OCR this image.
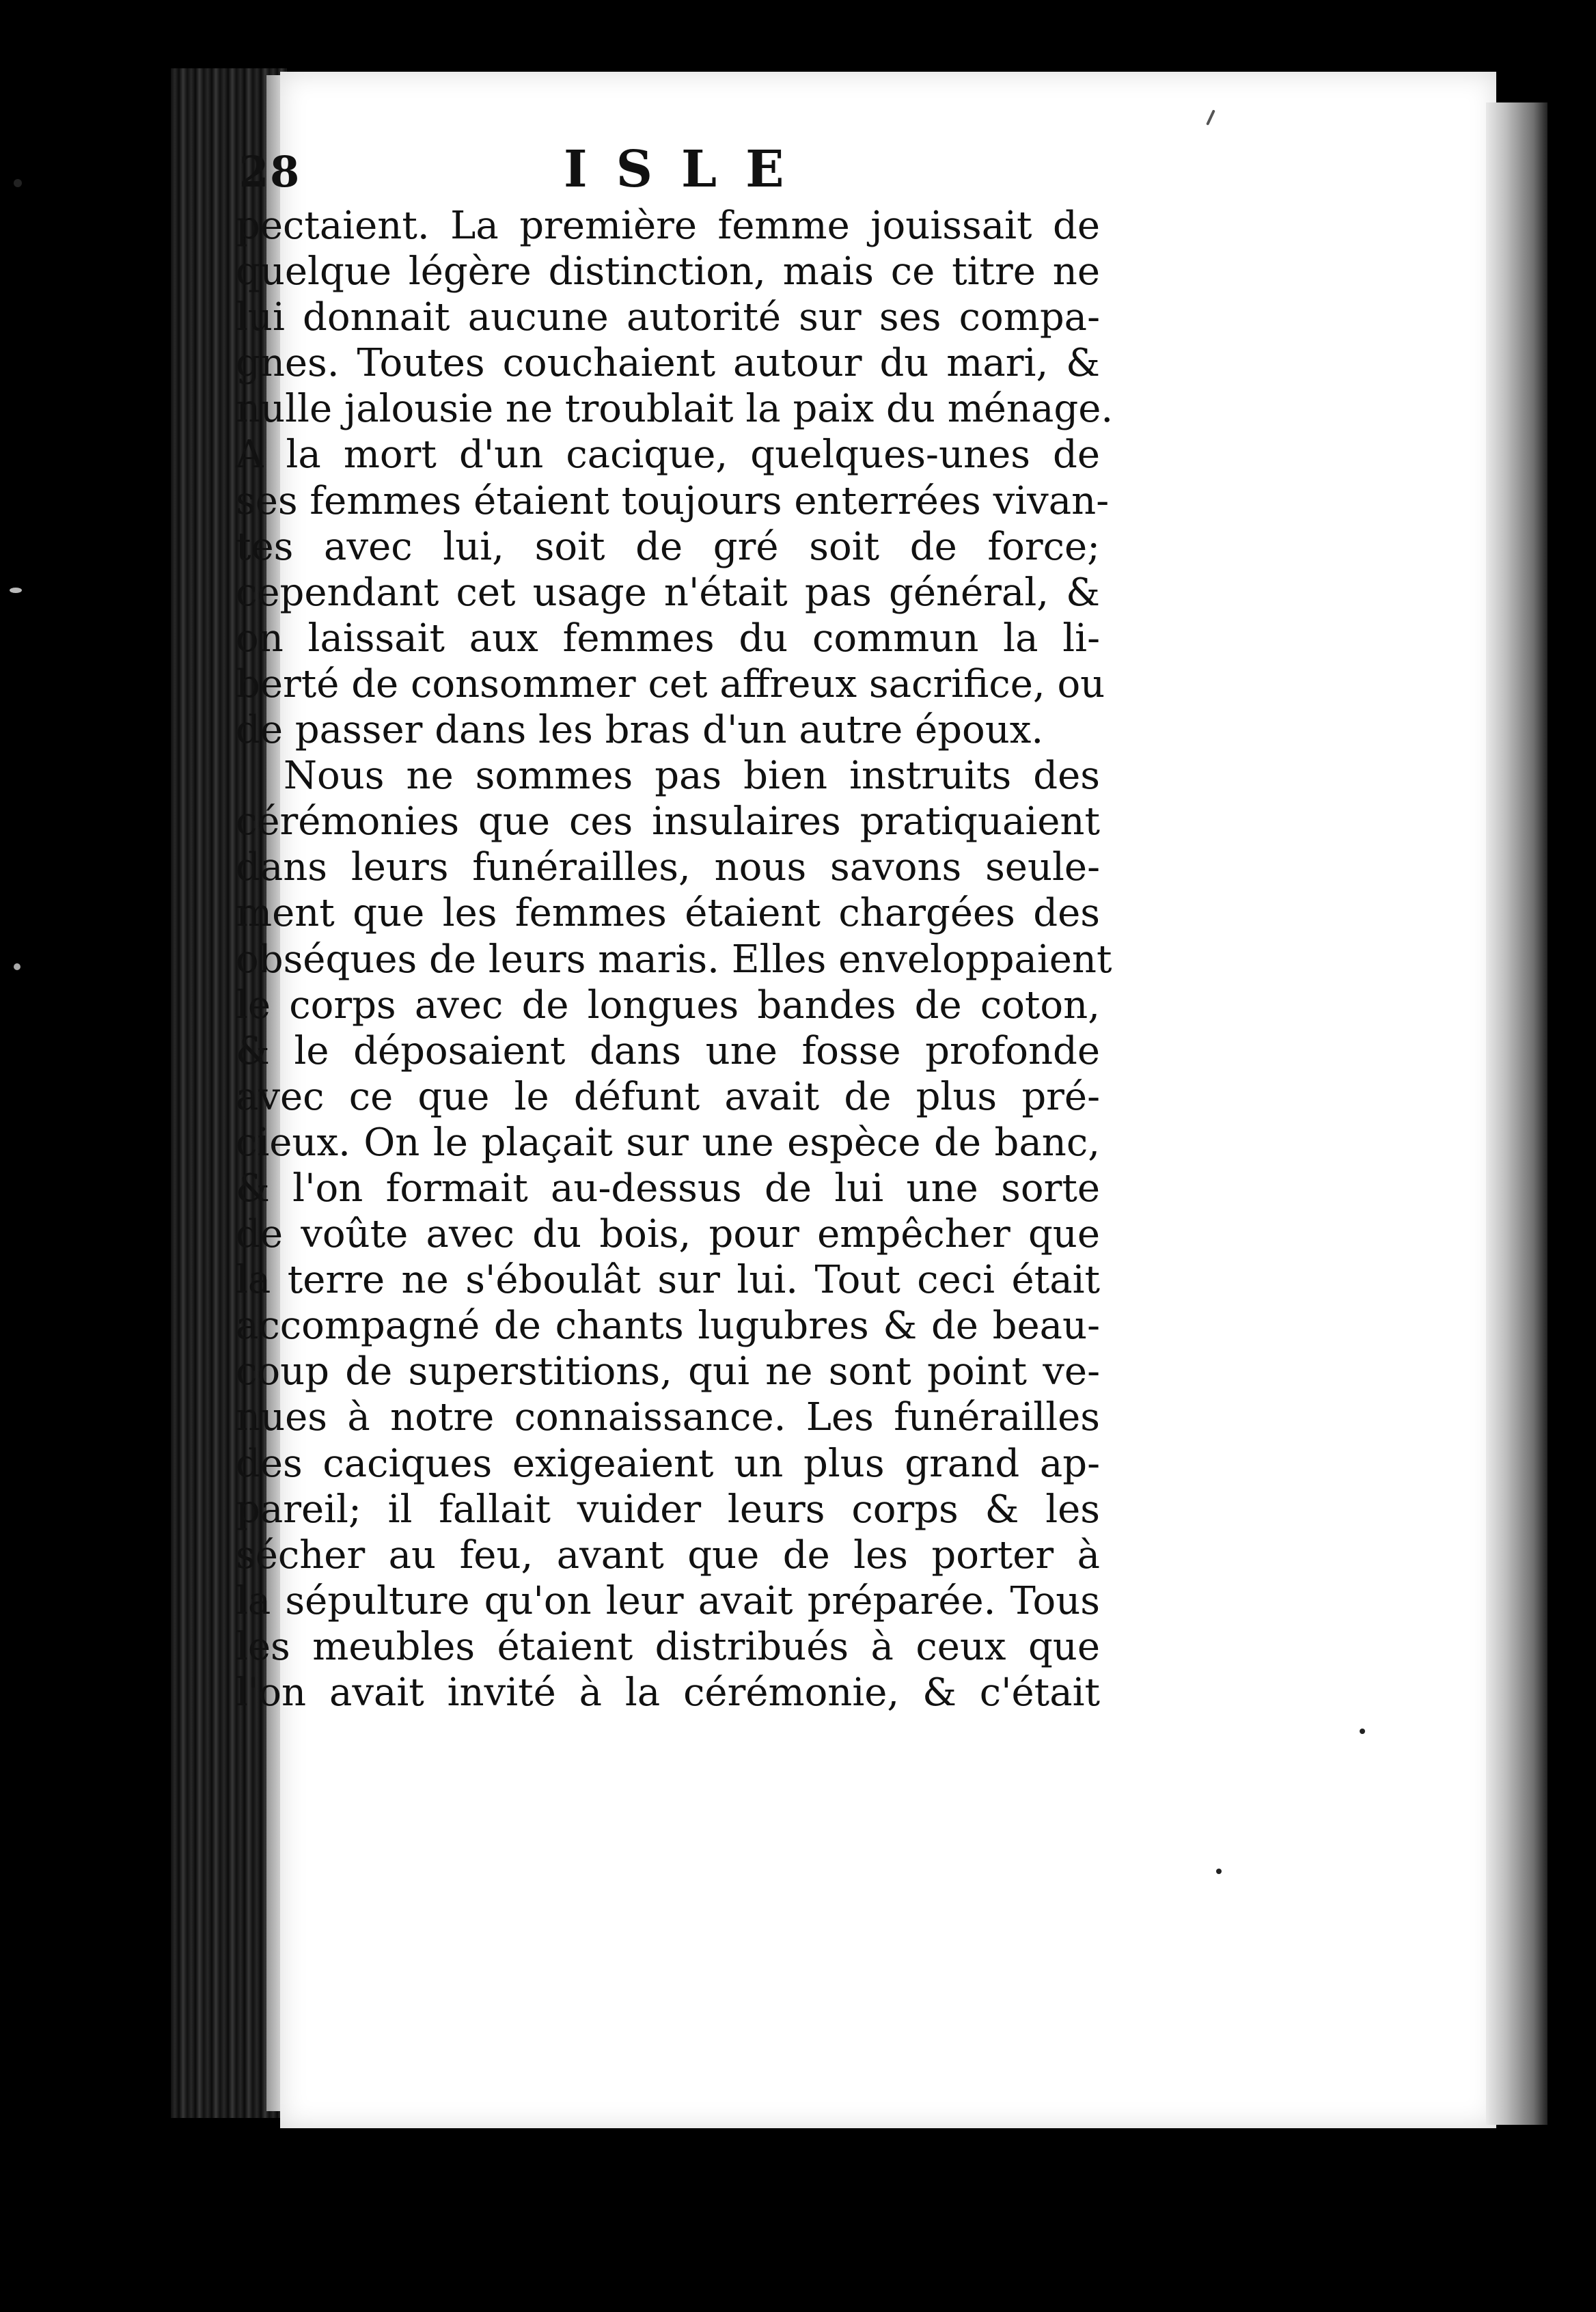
28	ISLE
pectaient. La première femme jouissait de
quelque légère distinction, mais ce titre ne
lui donnait aucune autorité sur ses compa-
gnes. Toutes couchaient autour du mari, &
nulle jalousie ne troublait la paix du ménage.
A la mort d'un cacique, quelques-unes de
ses femmes étaient toujours enterrées vivan-
tes avec lui, soit de gré soit de force;
cependant cet usage n'était pas général, &
on laissait aux femmes du commun la li-
berté de consommer cet affreux sacrifice, ou
de passer dans les bras d'un autre époux.
Nous ne sommes pas bien instruits des
cérémonies que ces insulaires pratiquaient
dans leurs funérailles, nous savons seule-
ment que les femmes étaient chargées des
obséques de leurs maris. Elles enveloppaient
le corps avec de longues bandes de coton,
& le déposaient dans une fosse profonde
avec ce que le défunt avait de plus pré-
cieux. On le plaçait sur une espèce de banc,
& l'on formait au-dessus de lui une sorte
de voûte avec du bois, pour empêcher que
la terre ne s'éboulât sur lui. Tout ceci était
accompagné de chants lugubres & de beau-
coup de superstitions, qui ne sont point ve-
nues à notre connaissance. Les funérailles
des caciques exigeaient un plus grand ap-
pareil; il fallait vuider leurs corps & les
sécher au feu, avant que de les porter à
la sépulture qu'on leur avait préparée. Tous
les meubles étaient distribués à ceux que
l'on avait invité à la cérémonie, & c'était
